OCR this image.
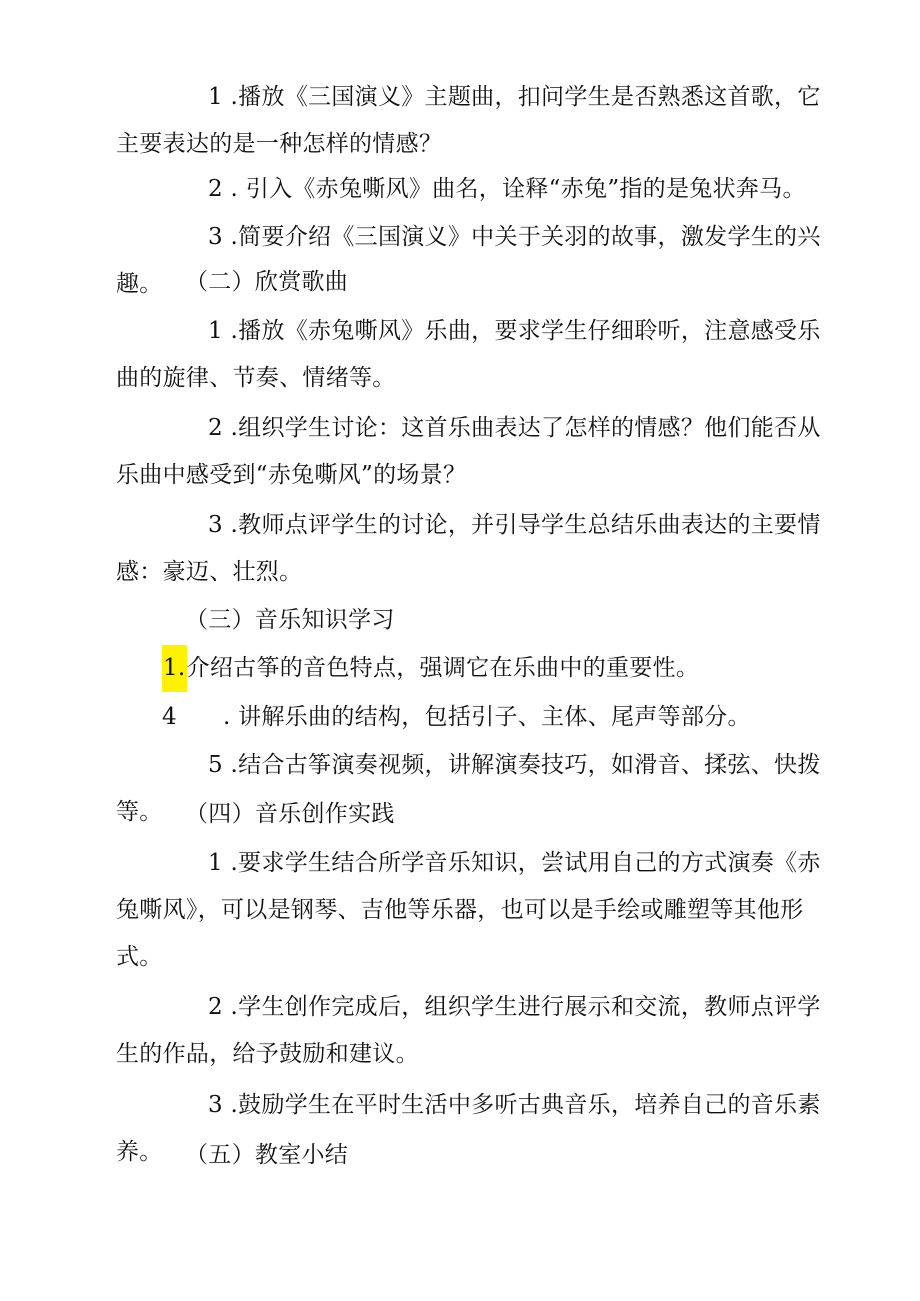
1 .播放《三国演义》主题曲，扣问学生是否熟悉这首歌，它主要表达的是一种怎样的情感？
2 . 引入《赤兔嘶风》曲名，诠释“赤兔”指的是兔状奔马。
3 .简要介绍《三国演义》中关于关羽的故事，激发学生的兴趣。 （二）欣赏歌曲
1 .播放《赤兔嘶风》乐曲，要求学生仔细聆听，注意感受乐曲的旋律、节奏、情绪等。
2 .组织学生讨论：这首乐曲表达了怎样的情感？他们能否从乐曲中感受到“赤兔嘶风”的场景？
3 .教师点评学生的讨论，并引导学生总结乐曲表达的主要情感：豪迈、壮烈。
（三）音乐知识学习
1.介绍古筝的音色特点，强调它在乐曲中的重要性。
4 . 讲解乐曲的结构，包括引子、主体、尾声等部分。
5 .结合古筝演奏视频，讲解演奏技巧，如滑音、揉弦、快拨等。 （四）音乐创作实践
1 .要求学生结合所学音乐知识，尝试用自己的方式演奏《赤兔嘶风》，可以是钢琴、吉他等乐器，也可以是手绘或雕塑等其他形式。
2 .学生创作完成后，组织学生进行展示和交流，教师点评学生的作品，给予鼓励和建议。
3 .鼓励学生在平时生活中多听古典音乐，培养自己的音乐素养。 （五）教室小结
